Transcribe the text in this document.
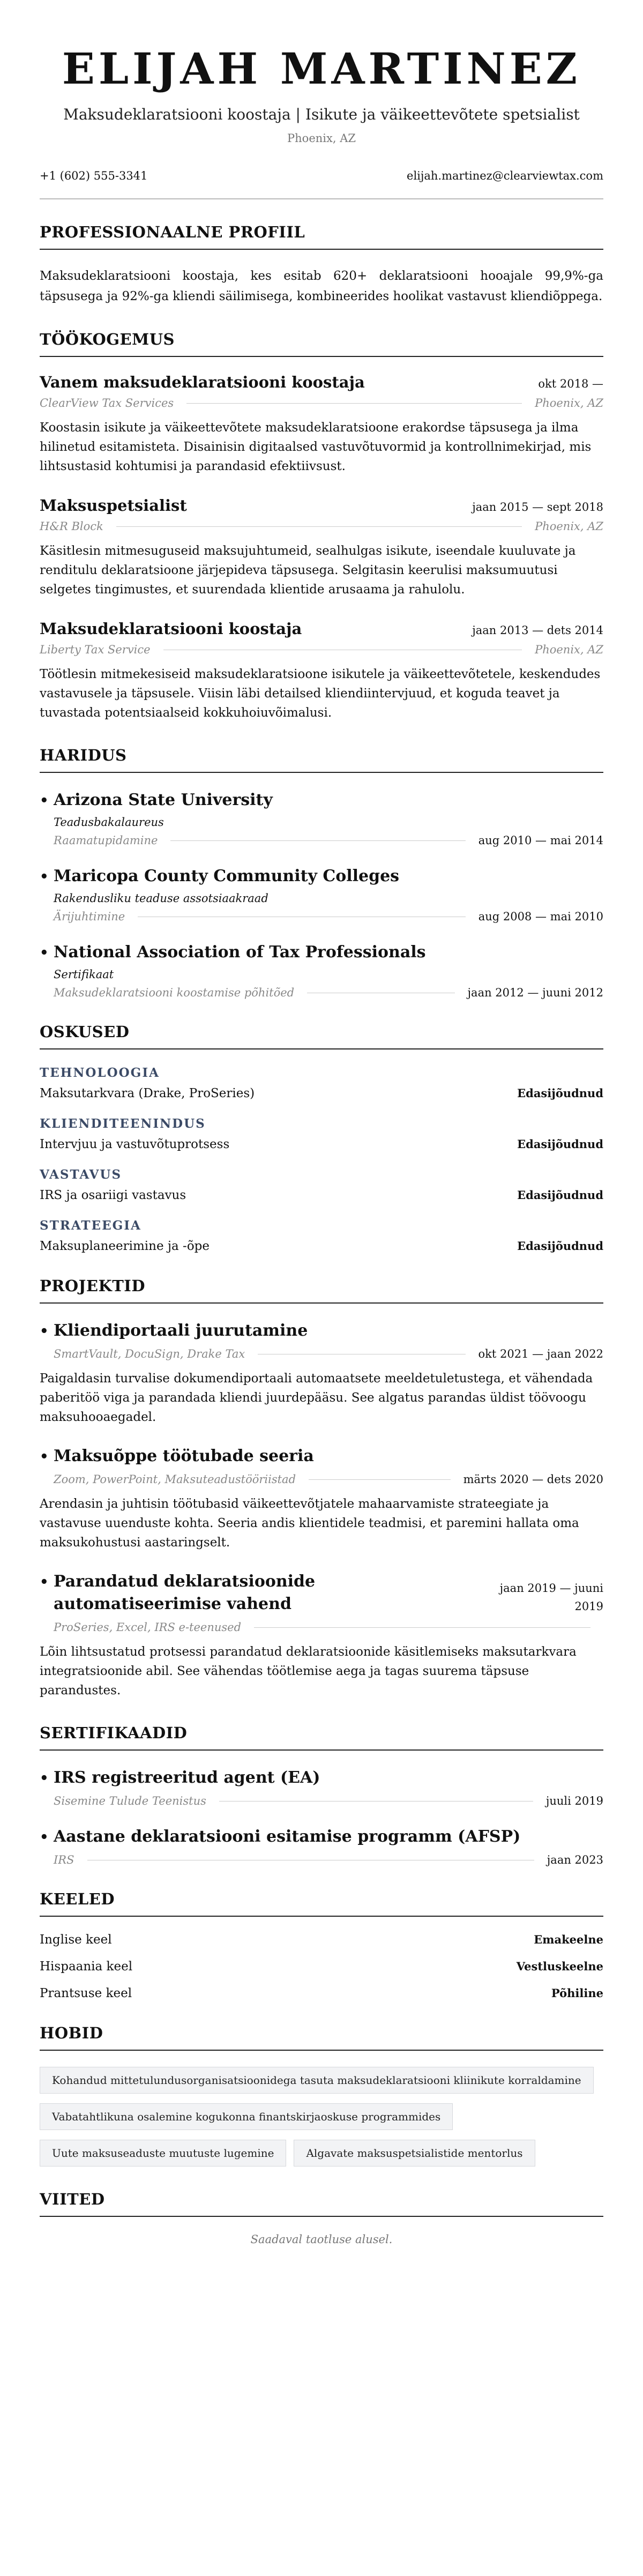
ELIJAH MARTINEZ
Maksudeklaratsiooni koostaja | Isikute ja väikeettevõtete spetsialist
Phoenix, AZ
+1 (602) 555-3341	elijah.martinez@clearviewtax.com
PROFESSIONAALNE PROFIIL

Maksudeklaratsiooni koostaja, kes esitab 620+ deklaratsiooni hooajale 99,9%-ga täpsusega ja 92%-ga kliendi säilimisega, kombineerides hoolikat vastavust kliendiõppega.

TÖÖKOGEMUS
Vanem maksudeklaratsiooni koostaja	okt 2018 —
ClearView Tax Services	Phoenix, AZ

Koostasin isikute ja väikeettevõtete maksudeklaratsioone erakordse täpsusega ja ilma hilinetud esitamisteta. Disainisin digitaalsed vastuvõtuvormid ja kontrollnimekirjad, mis lihtsustasid kohtumisi ja parandasid efektiivsust.

Maksuspetsialist	jaan 2015 — sept 2018
H&R Block	Phoenix, AZ

Käsitlesin mitmesuguseid maksujuhtumeid, sealhulgas isikute, iseendale kuuluvate ja renditulu deklaratsioone järjepideva täpsusega. Selgitasin keerulisi maksumuutusi selgetes tingimustes, et suurendada klientide arusaama ja rahulolu.

Maksudeklaratsiooni koostaja	jaan 2013 — dets 2014
Liberty Tax Service	Phoenix, AZ

Töötlesin mitmekesiseid maksudeklaratsioone isikutele ja väikeettevõtetele, keskendudes vastavusele ja täpsusele. Viisin läbi detailsed kliendiintervjuud, et koguda teavet ja tuvastada potentsiaalseid kokkuhoiuvõimalusi.

HARIDUS
• Arizona State University
Teadusbakalaureus
Raamatupidamine	aug 2010 — mai 2014
• Maricopa County Community Colleges
Rakendusliku teaduse assotsiaakraad
Ärijuhtimine	aug 2008 — mai 2010
• National Association of Tax Professionals
Sertifikaat
Maksudeklaratsiooni koostamise põhitõed	jaan 2012 — juuni 2012
OSKUSED
TEHNOLOOGIA
Maksutarkvara (Drake, ProSeries)	Edasijõudnud
KLIENDITEENINDUS
Intervjuu ja vastuvõtuprotsess	Edasijõudnud
VASTAVUS
IRS ja osariigi vastavus	Edasijõudnud
STRATEEGIA
Maksuplaneerimine ja -õpe	Edasijõudnud
PROJEKTID
• Kliendiportaali juurutamine
SmartVault, DocuSign, Drake Tax	okt 2021 — jaan 2022

Paigaldasin turvalise dokumendiportaali automaatsete meeldetuletustega, et vähendada paberitöö viga ja parandada kliendi juurdepääsu. See algatus parandas üldist töövoogu maksuhooaegadel.

• Maksuõppe töötubade seeria
Zoom, PowerPoint, Maksuteadustööriistad	märts 2020 — dets 2020

Arendasin ja juhtisin töötubasid väikeettevõtjatele mahaarvamiste strateegiate ja vastavuse uuenduste kohta. Seeria andis klientidele teadmisi, et paremini hallata oma maksukohustusi aastaringselt.

• Parandatud deklaratsioonide automatiseerimise vahend
jaan 2019 — juuni 2019
ProSeries, Excel, IRS e-teenused

Lõin lihtsustatud protsessi parandatud deklaratsioonide käsitlemiseks maksutarkvara integratsioonide abil. See vähendas töötlemise aega ja tagas suurema täpsuse parandustes.

SERTIFIKAADID
• IRS registreeritud agent (EA)
Sisemine Tulude Teenistus	juuli 2019
• Aastane deklaratsiooni esitamise programm (AFSP)
IRS	jaan 2023
KEELED
Inglise keel	Emakeelne
Hispaania keel	Vestluskeelne
Prantsuse keel	Põhiline
HOBID
Kohandud mittetulundusorganisatsioonidega tasuta maksudeklaratsiooni kliinikute korraldamine
Vabatahtlikuna osalemine kogukonna finantskirjaoskuse programmides
Uute maksuseaduste muutuste lugemine	Algavate maksuspetsialistide mentorlus
VIITED
Saadaval taotluse alusel.
